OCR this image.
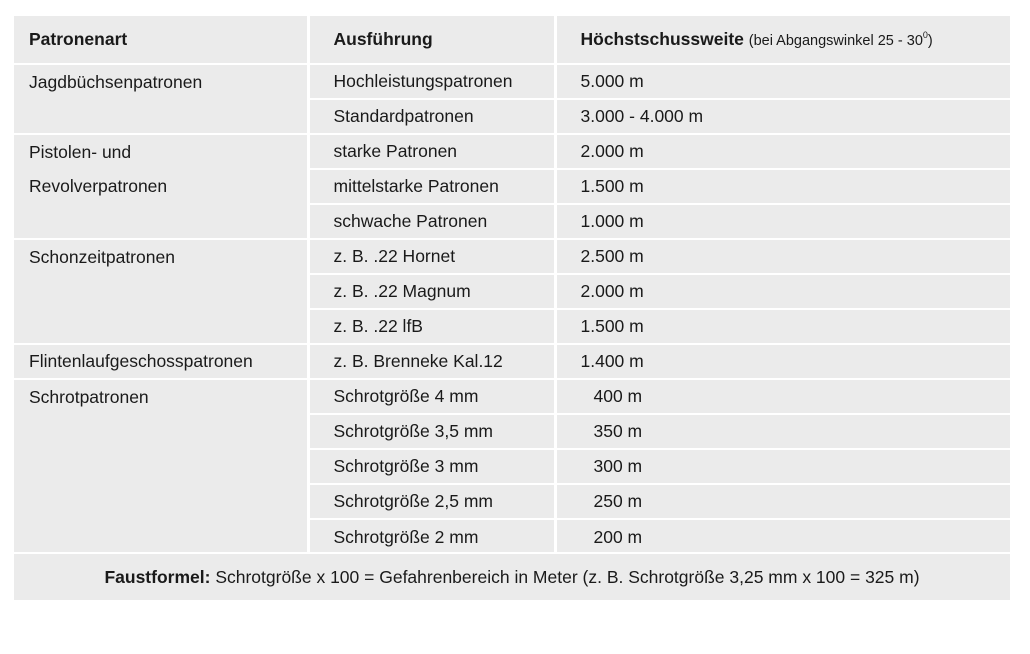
Patronenart	Ausführung	Höchstschussweite (bei Abgangswinkel $25 - 30^0$)
Jagdbüchsenpatronen	Hochleistungspatronen	5.000 m
	Standardpatronen	3.000 - 4.000 m
Pistolen- und	starke Patronen	2.000 m
Revolverpatronen	mittelstarke Patronen	1.500 m
	schwache Patronen	1.000 m
Schonzeitpatronen	z. B. .22 Hornet	2.500 m
	z. B. .22 Magnum	2.000 m
	z. B. .22 lfB	1.500 m
Flintenlaufgeschosspatronen	z. B. Brenneke Kal.12	1.400 m
Schrotpatronen	Schrotgröße 4 mm	400 m
	Schrotgröße 3,5 mm	350 m
	Schrotgröße 3 mm	300 m
	Schrotgröße 2,5 mm	250 m
	Schrotgröße 2 mm	200 m
Faustformel: Schrotgröße x 100 = Gefahrenbereich in Meter (z. B. Schrotgröße 3,25 mm x 100 = 325 m)
